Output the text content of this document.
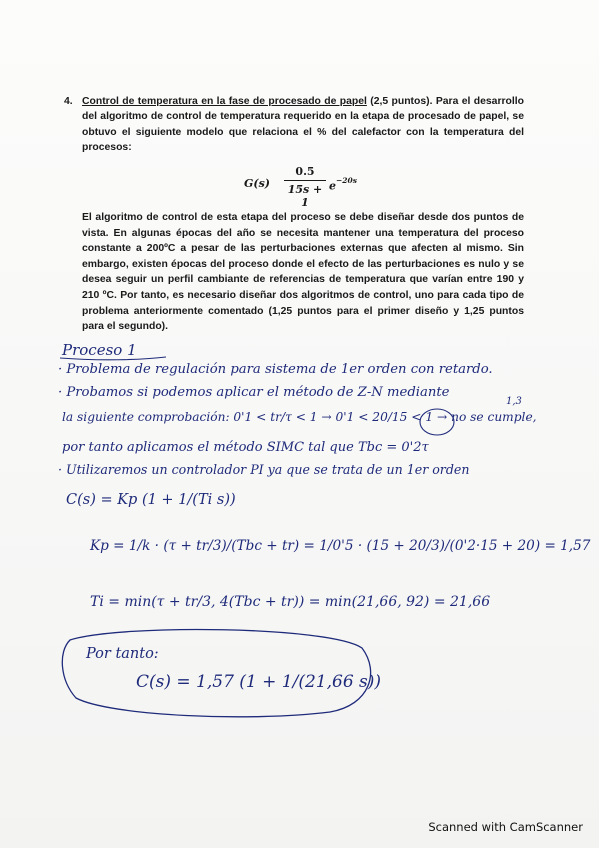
4. Control de temperatura en la fase de procesado de papel (2,5 puntos). Para el desarrollo del algoritmo de control de temperatura requerido en la etapa de procesado de papel, se obtuvo el siguiente modelo que relaciona el % del calefactor con la temperatura del procesos:
$G(s) \frac{0.5}{15s + 1} e^{-20s}$
El algoritmo de control de esta etapa del proceso se debe diseñar desde dos puntos de vista. En algunas épocas del año se necesita mantener una temperatura del proceso constante a 200ºC a pesar de las perturbaciones externas que afecten al mismo. Sin embargo, existen épocas del proceso donde el efecto de las perturbaciones es nulo y se desea seguir un perfil cambiante de referencias de temperatura que varían entre 190 y 210 ºC. Por tanto, es necesario diseñar dos algoritmos de control, uno para cada tipo de problema anteriormente comentado (1,25 puntos para el primer diseño y 1,25 puntos para el segundo).
Proceso 1
· Problema de regulación para sistema de 1er orden con retardo.
· Probamos si podemos aplicar el método de Z-N mediante
1,3
la siguiente comprobación: 0'1 < tr/τ < 1 → 0'1 < 20/15 < 1 → no se cumple,
por tanto aplicamos el método SIMC tal que Tbc = 0'2τ
· Utilizaremos un controlador PI ya que se trata de un 1er orden
C(s) = Kp (1 + 1/(Ti s))
Kp = 1/k · (τ + tr/3)/(Tbc + tr) = 1/0'5 · (15 + 20/3)/(0'2·15 + 20) = 1,57
Ti = min(τ + tr/3, 4(Tbc + tr)) = min(21,66, 92) = 21,66
Por tanto:
C(s) = 1,57 (1 + 1/(21,66 s))
Scanned with CamScanner
